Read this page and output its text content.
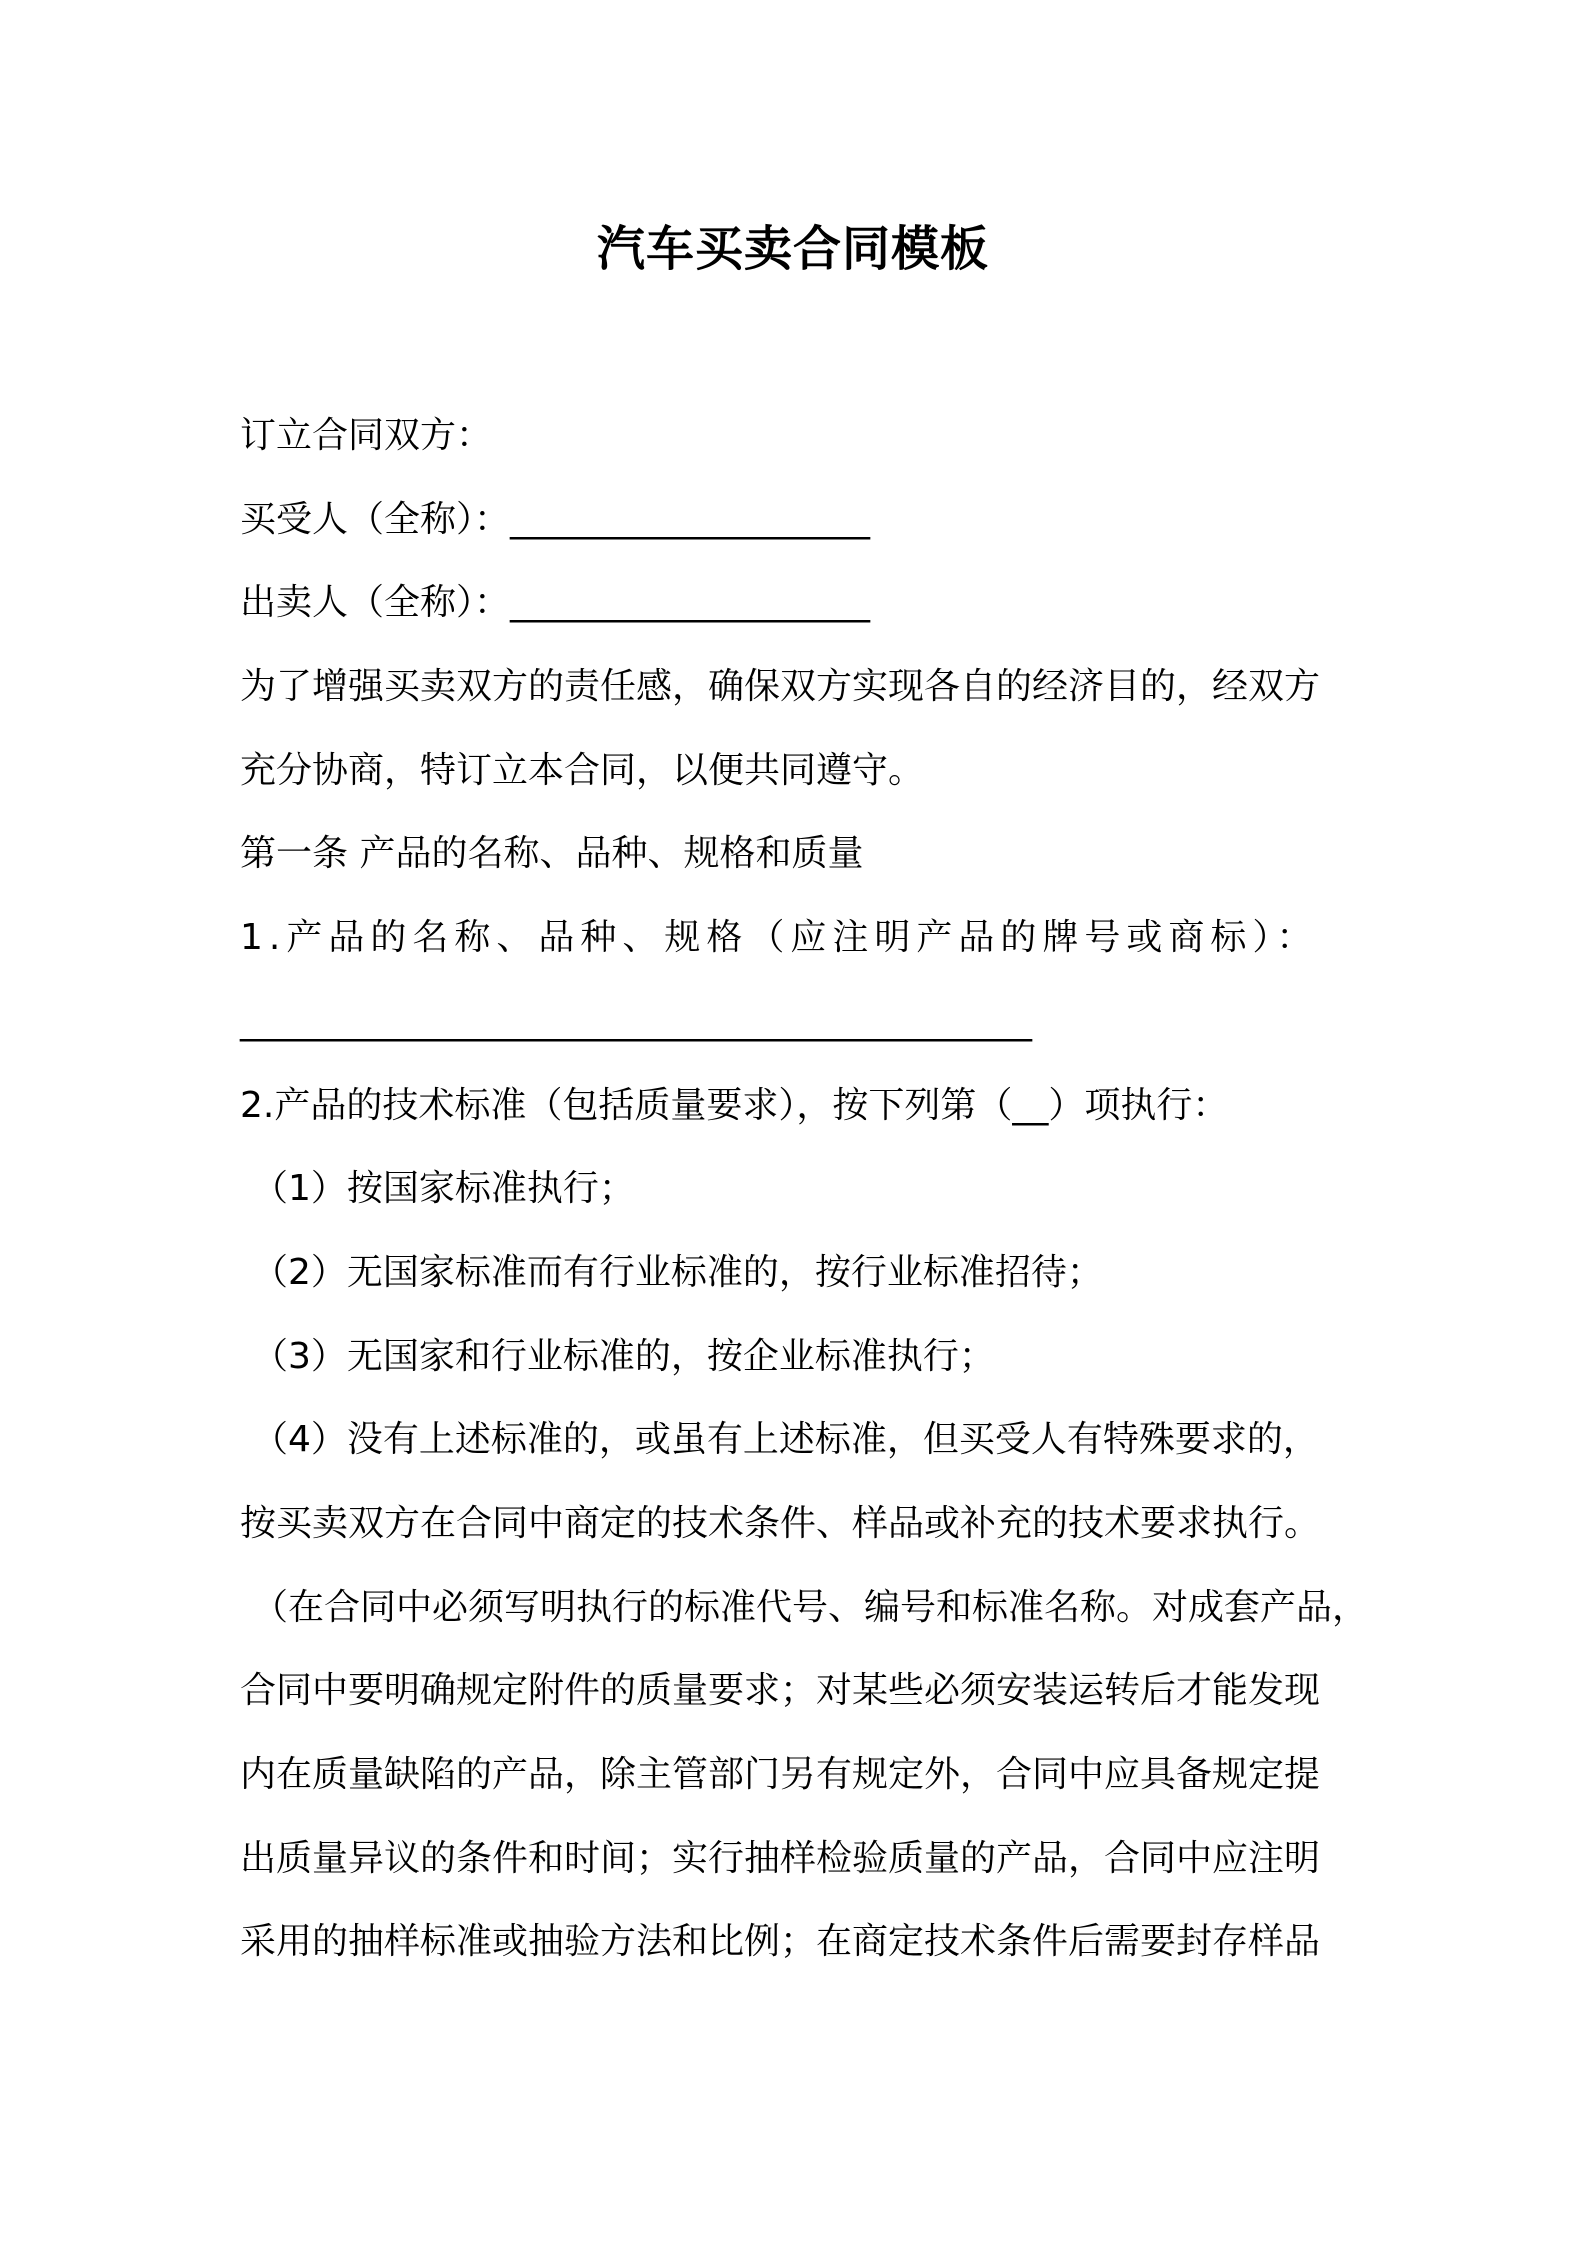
汽车买卖合同模板
订立合同双方：
买受人（全称）：____________________
出卖人（全称）：____________________
为了增强买卖双方的责任感，确保双方实现各自的经济目的，经双方
充分协商，特订立本合同，以便共同遵守。
第一条 产品的名称、品种、规格和质量
1.产品的名称、品种、规格（应注明产品的牌号或商标）：
____________________________________________
2.产品的技术标准（包括质量要求），按下列第（__）项执行：
（1）按国家标准执行；
（2）无国家标准而有行业标准的，按行业标准招待；
（3）无国家和行业标准的，按企业标准执行；
（4）没有上述标准的，或虽有上述标准，但买受人有特殊要求的，
按买卖双方在合同中商定的技术条件、样品或补充的技术要求执行。
（在合同中必须写明执行的标准代号、编号和标准名称。对成套产品，
合同中要明确规定附件的质量要求；对某些必须安装运转后才能发现
内在质量缺陷的产品，除主管部门另有规定外，合同中应具备规定提
出质量异议的条件和时间；实行抽样检验质量的产品，合同中应注明
采用的抽样标准或抽验方法和比例；在商定技术条件后需要封存样品
